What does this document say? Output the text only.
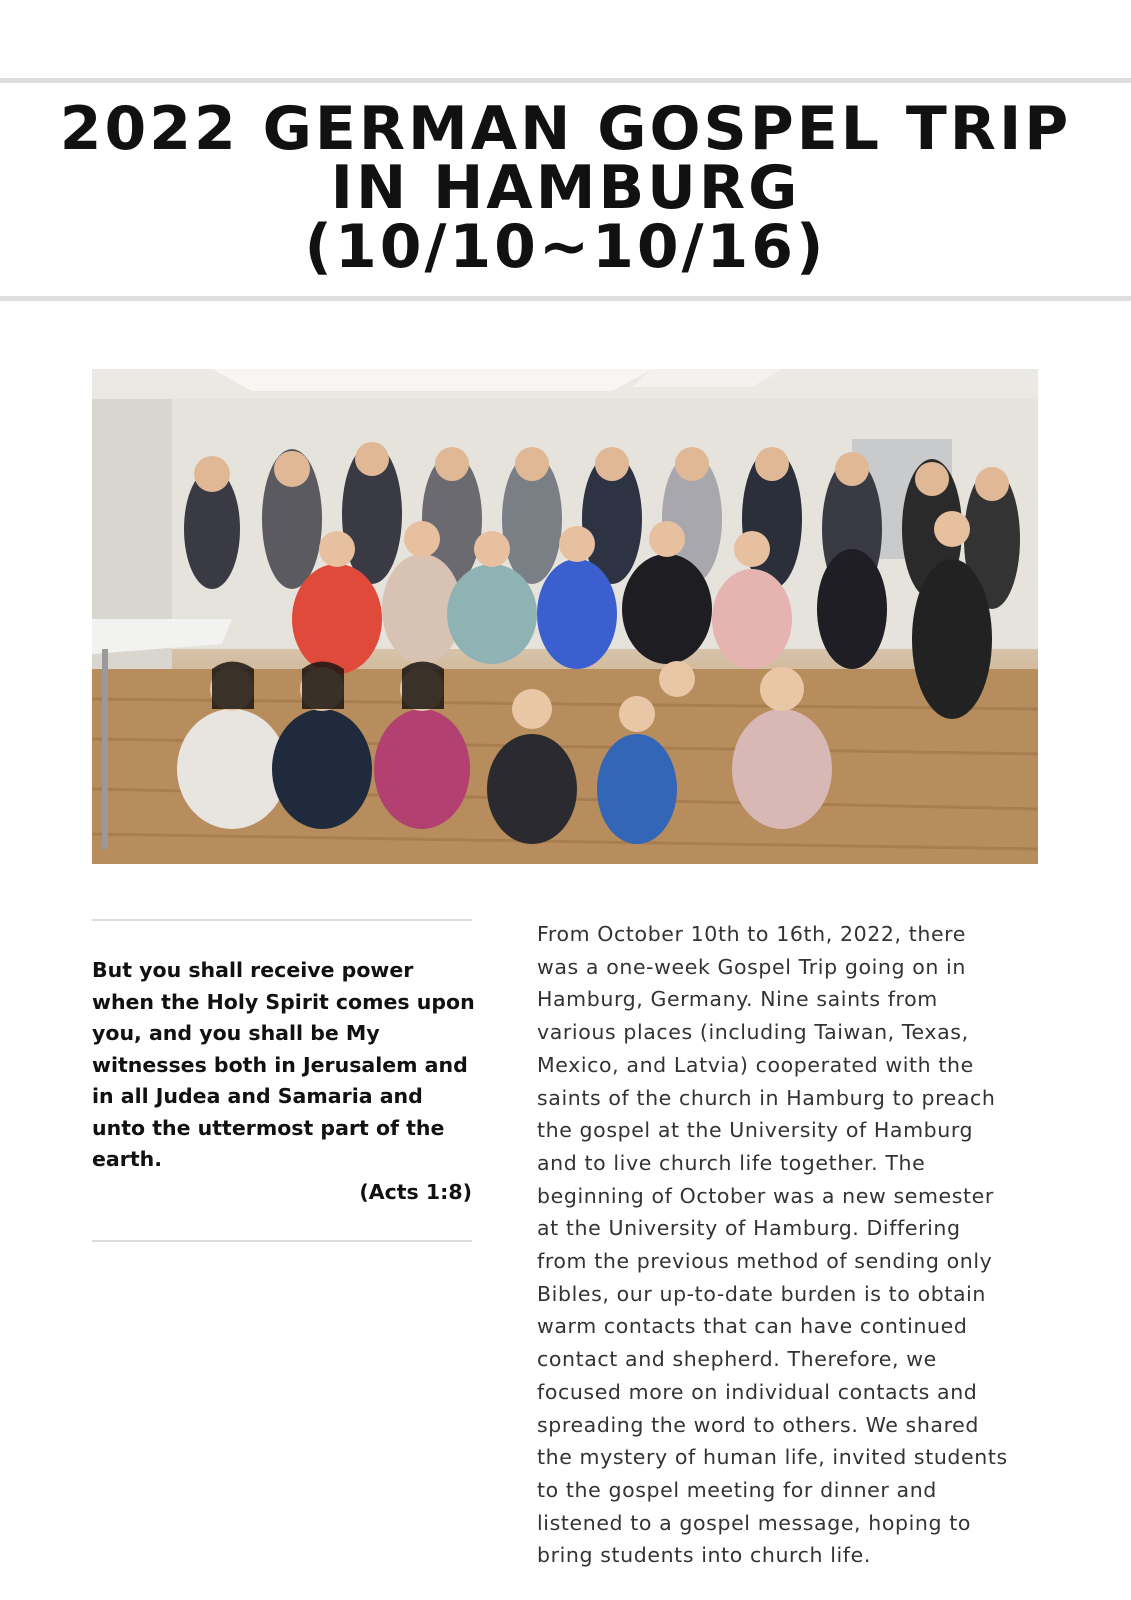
2022 GERMAN GOSPEL TRIP
IN HAMBURG
(10/10~10/16)

But you shall receive power when the Holy Spirit comes upon you, and you shall be My witnesses both in Jerusalem and in all Judea and Samaria and unto the uttermost part of the earth.

(Acts 1:8)

From October 10th to 16th, 2022, there
was a one-week Gospel Trip going on in
Hamburg, Germany. Nine saints from
various places (including Taiwan, Texas,
Mexico, and Latvia) cooperated with the
saints of the church in Hamburg to preach
the gospel at the University of Hamburg
and to live church life together. The
beginning of October was a new semester
at the University of Hamburg. Differing
from the previous method of sending only
Bibles, our up-to-date burden is to obtain
warm contacts that can have continued
contact and shepherd. Therefore, we
focused more on individual contacts and
spreading the word to others. We shared
the mystery of human life, invited students
to the gospel meeting for dinner and
listened to a gospel message, hoping to
bring students into church life.
